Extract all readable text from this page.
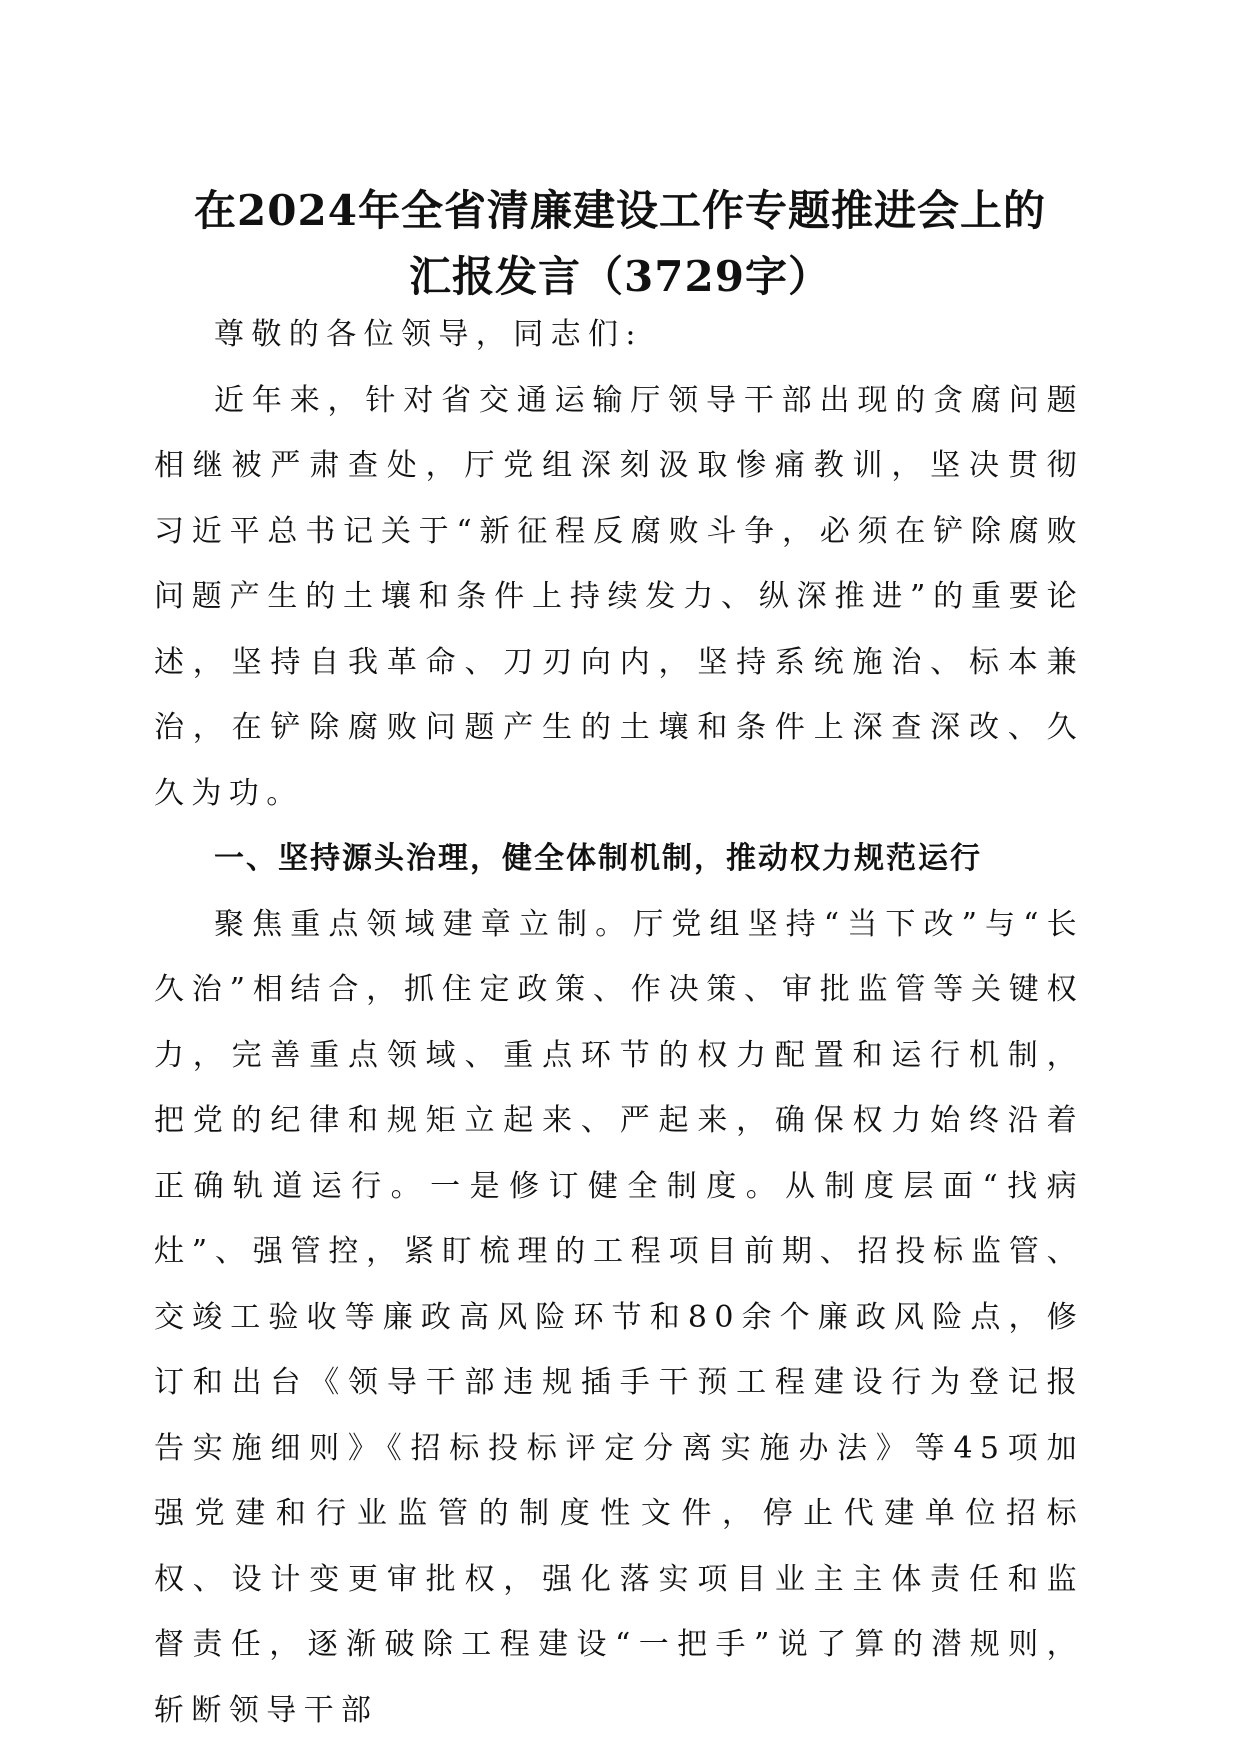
在2024年全省清廉建设工作专题推进会上的
汇报发言（3729字）

尊敬的各位领导，同志们:

近年来，针对省交通运输厅领导干部出现的贪腐问题相继被严肃查处，厅党组深刻汲取惨痛教训，坚决贯彻习近平总书记关于“新征程反腐败斗争，必须在铲除腐败问题产生的土壤和条件上持续发力、纵深推进”的重要论述，坚持自我革命、刀刃向内，坚持系统施治、标本兼治，在铲除腐败问题产生的土壤和条件上深查深改、久久为功。

一、坚持源头治理，健全体制机制，推动权力规范运行

聚焦重点领域建章立制。厅党组坚持“当下改”与“长久治”相结合，抓住定政策、作决策、审批监管等关键权力，完善重点领域、重点环节的权力配置和运行机制，把党的纪律和规矩立起来、严起来，确保权力始终沿着正确轨道运行。一是修订健全制度。从制度层面“找病灶”、强管控，紧盯梳理的工程项目前期、招投标监管、交竣工验收等廉政高风险环节和80余个廉政风险点，修订和出台《领导干部违规插手干预工程建设行为登记报告实施细则》《招标投标评定分离实施办法》等45项加强党建和行业监管的制度性文件，停止代建单位招标权、设计变更审批权，强化落实项目业主主体责任和监督责任，逐渐破除工程建设“一把手”说了算的潜规则，斩断领导干部
